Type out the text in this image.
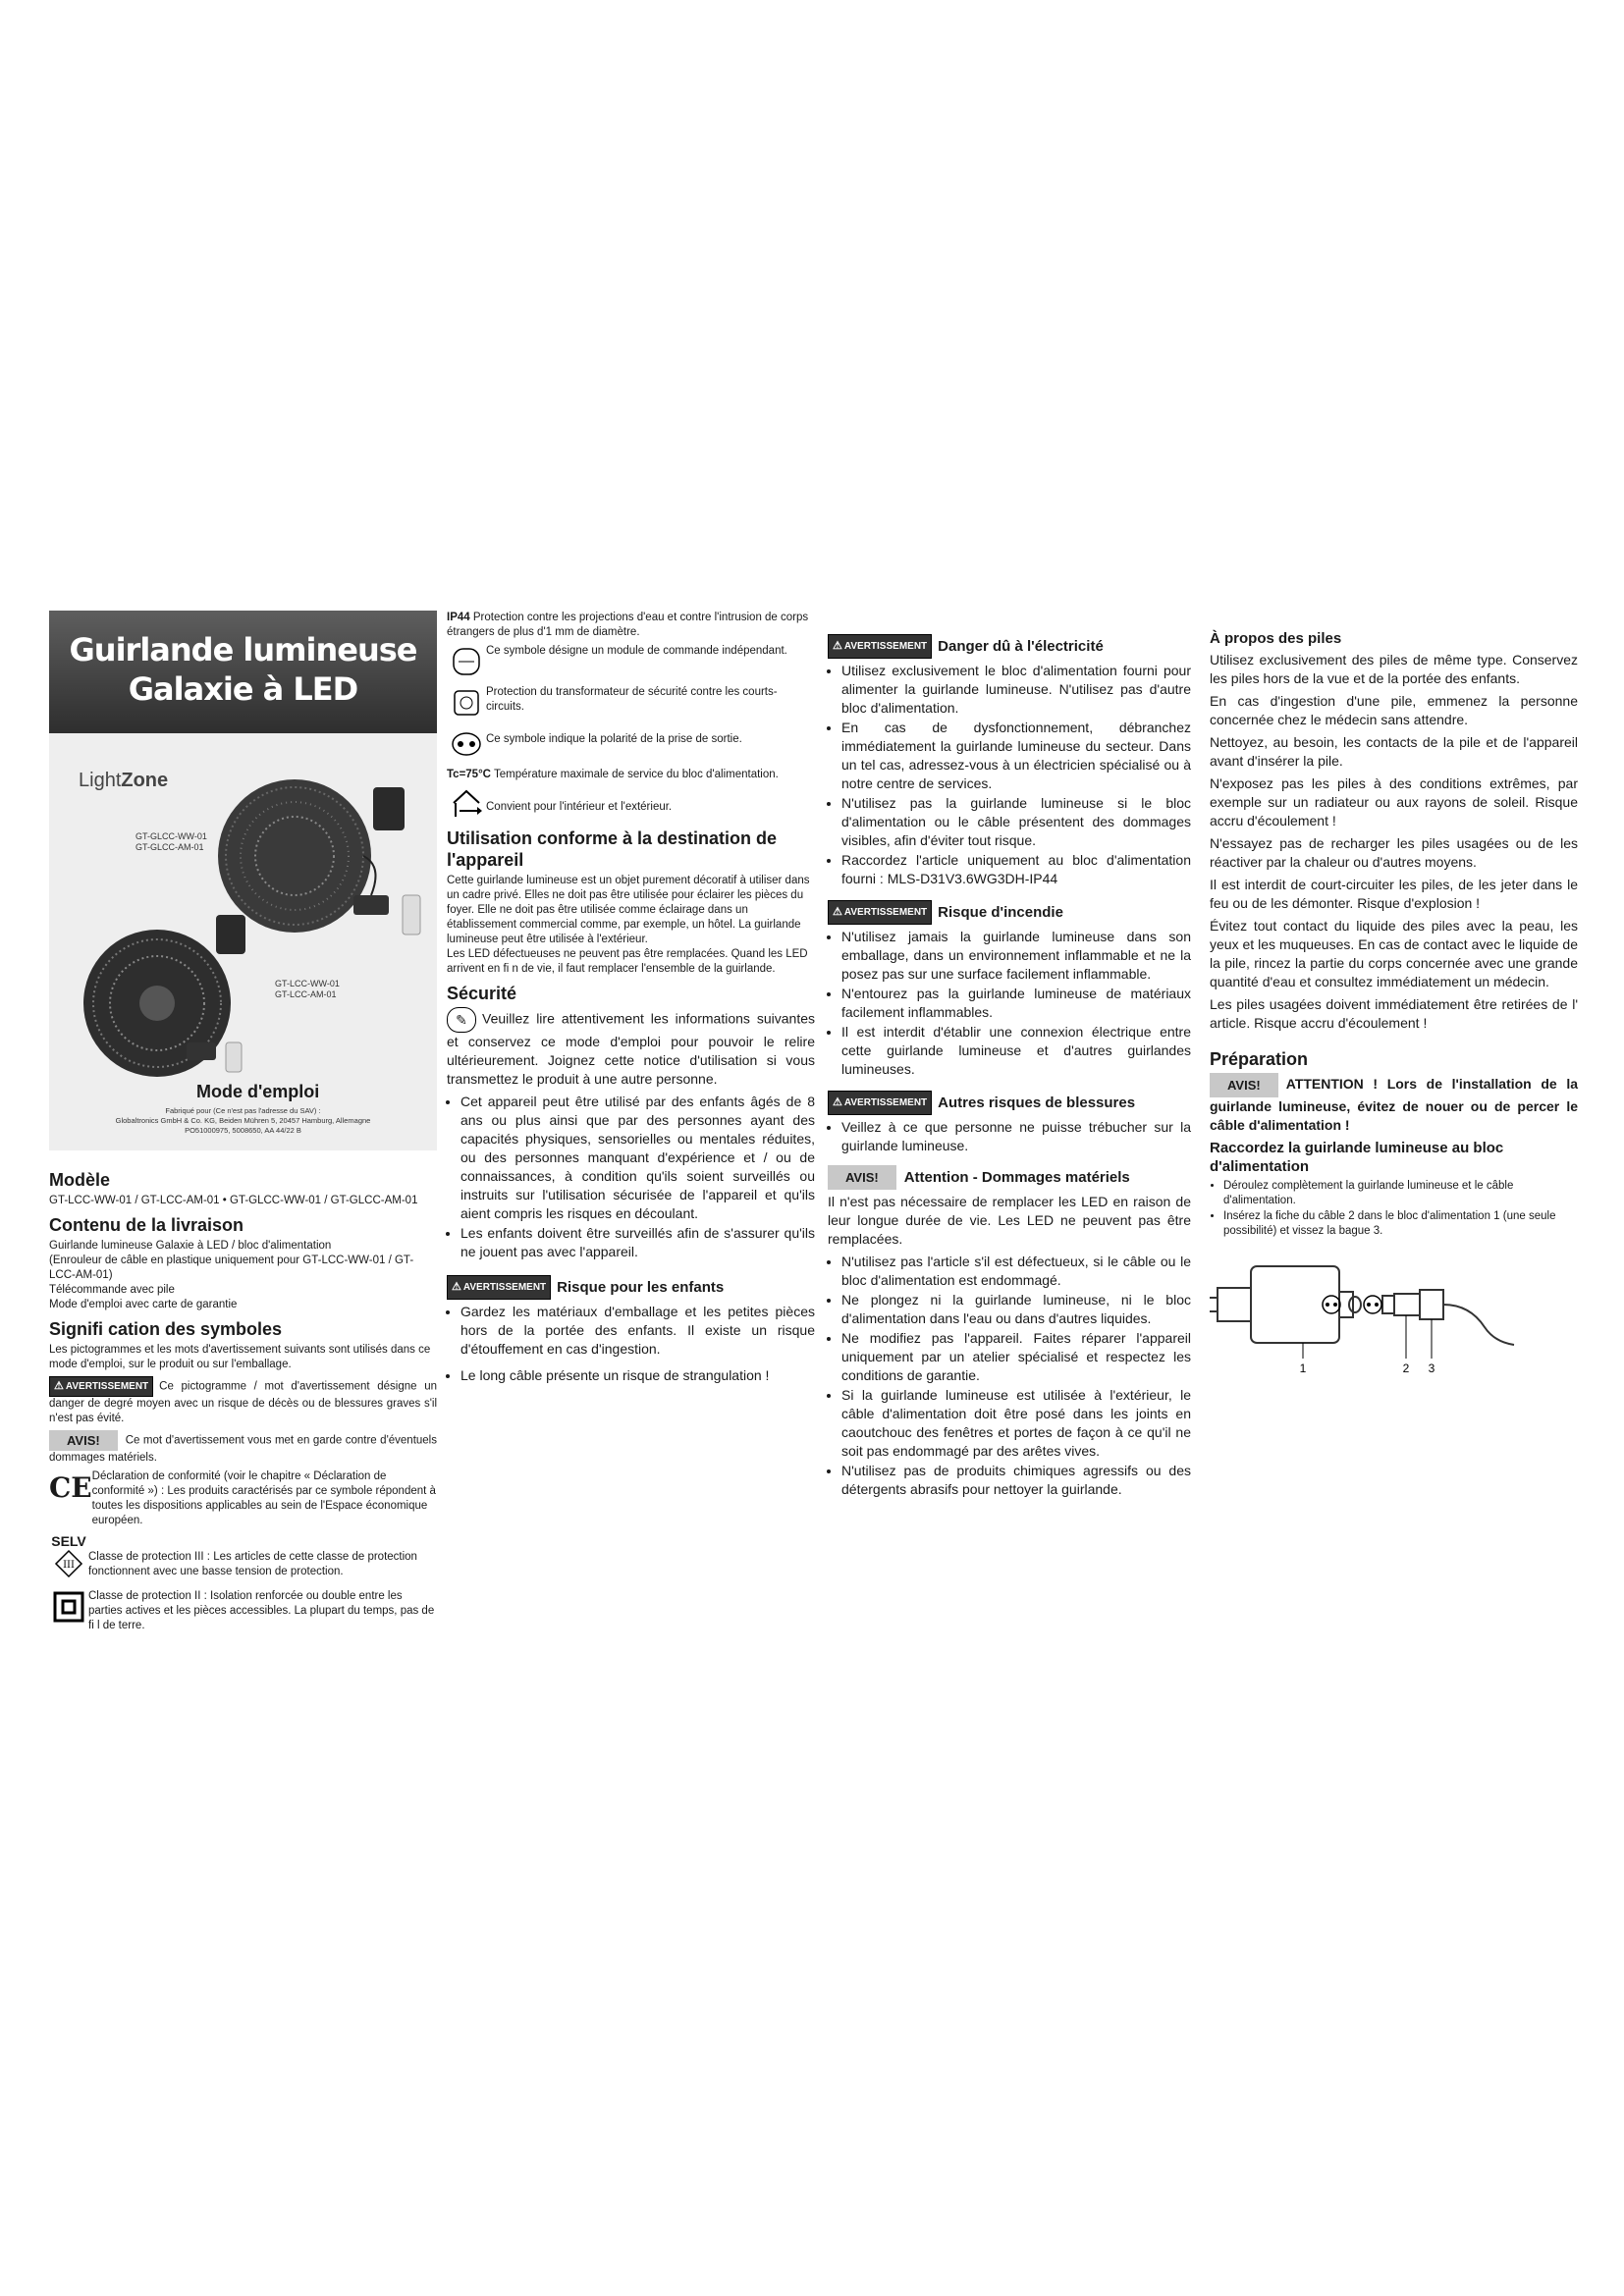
Guirlande lumineuse
Galaxie à LED
LightZone
GT-GLCC-WW-01
GT-GLCC-AM-01
GT-LCC-WW-01
GT-LCC-AM-01
Mode d'emploi
Fabriqué pour (Ce n'est pas l'adresse du SAV) :
Globaltronics GmbH & Co. KG, Beiden Mühren 5, 20457 Hamburg, Allemagne
PO51000975, 5008650, AA 44/22 B
Modèle

GT-LCC-WW-01 / GT-LCC-AM-01 • GT-GLCC-WW-01 / GT-GLCC-AM-01

Contenu de la livraison

Guirlande lumineuse Galaxie à LED / bloc d'alimentation

(Enrouleur de câble en plastique uniquement pour GT-LCC-WW-01 / GT-LCC-AM-01)

Télécommande avec pile

Mode d'emploi avec carte de garantie

Signifi cation des symboles

Les pictogrammes et les mots d'avertissement suivants sont utilisés dans ce mode d'emploi, sur le produit ou sur l'emballage.

⚠ AVERTISSEMENT Ce pictogramme / mot d'avertissement désigne un danger de degré moyen avec un risque de décès ou de blessures graves s'il n'est pas évité.

AVIS! Ce mot d'avertissement vous met en garde contre d'éventuels dommages matériels.

CE Déclaration de conformité (voir le chapitre « Déclaration de conformité ») : Les produits caractérisés par ce symbole répondent à toutes les dispositions applicables au sein de l'Espace économique européen.
SELV
III
Classe de protection III : Les articles de cette classe de protection fonctionnent avec une basse tension de protection.
Classe de protection II : Isolation renforcée ou double entre les parties actives et les pièces accessibles. La plupart du temps, pas de fi l de terre.

IP44 Protection contre les projections d'eau et contre l'intrusion de corps étrangers de plus d'1 mm de diamètre.

Ce symbole désigne un module de commande indépendant.
Protection du transformateur de sécurité contre les courts-circuits.
Ce symbole indique la polarité de la prise de sortie.

Tc=75°C Température maximale de service du bloc d'alimentation.

Convient pour l'intérieur et l'extérieur.
Utilisation conforme à la destination de l'appareil

Cette guirlande lumineuse est un objet purement décoratif à utiliser dans un cadre privé. Elles ne doit pas être utilisée pour éclairer les pièces du foyer. Elle ne doit pas être utilisée comme éclairage dans un établissement commercial comme, par exemple, un hôtel. La guirlande lumineuse peut être utilisée à l'extérieur.

Les LED défectueuses ne peuvent pas être remplacées. Quand les LED arrivent en fi n de vie, il faut remplacer l'ensemble de la guirlande.

Sécurité

✎ Veuillez lire attentivement les informations suivantes et conservez ce mode d'emploi pour pouvoir le relire ultérieurement. Joignez cette notice d'utilisation si vous transmettez le produit à une autre personne.

• Cet appareil peut être utilisé par des enfants âgés de 8 ans ou plus ainsi que par des personnes ayant des capacités physiques, sensorielles ou mentales réduites, ou des personnes manquant d'expérience et / ou de connaissances, à condition qu'ils soient surveillés ou instruits sur l'utilisation sécurisée de l'appareil et qu'ils aient compris les risques en découlant.
• Les enfants doivent être surveillés afin de s'assurer qu'ils ne jouent pas avec l'appareil.
⚠ AVERTISSEMENT Risque pour les enfants
• Gardez les matériaux d'emballage et les petites pièces hors de la portée des enfants. Il existe un risque d'étouffement en cas d'ingestion.
• Le long câble présente un risque de strangulation !
⚠ AVERTISSEMENT Danger dû à l'électricité
• Utilisez exclusivement le bloc d'alimentation fourni pour alimenter la guirlande lumineuse. N'utilisez pas d'autre bloc d'alimentation.
• En cas de dysfonctionnement, débranchez immédiatement la guirlande lumineuse du secteur. Dans un tel cas, adressez-vous à un électricien spécialisé ou à notre centre de services.
• N'utilisez pas la guirlande lumineuse si le bloc d'alimentation ou le câble présentent des dommages visibles, afin d'éviter tout risque.
• Raccordez l'article uniquement au bloc d'alimentation fourni : MLS-D31V3.6WG3DH-IP44
⚠ AVERTISSEMENT Risque d'incendie
• N'utilisez jamais la guirlande lumineuse dans son emballage, dans un environnement inflammable et ne la posez pas sur une surface facilement inflammable.
• N'entourez pas la guirlande lumineuse de matériaux facilement inflammables.
• Il est interdit d'établir une connexion électrique entre cette guirlande lumineuse et d'autres guirlandes lumineuses.
⚠ AVERTISSEMENT Autres risques de blessures
• Veillez à ce que personne ne puisse trébucher sur la guirlande lumineuse.
AVIS!	Attention - Dommages matériels

Il n'est pas nécessaire de remplacer les LED en raison de leur longue durée de vie. Les LED ne peuvent pas être remplacées.

• N'utilisez pas l'article s'il est défectueux, si le câble ou le bloc d'alimentation est endommagé.
• Ne plongez ni la guirlande lumineuse, ni le bloc d'alimentation dans l'eau ou dans d'autres liquides.
• Ne modifiez pas l'appareil. Faites réparer l'appareil uniquement par un atelier spécialisé et respectez les conditions de garantie.
• Si la guirlande lumineuse est utilisée à l'extérieur, le câble d'alimentation doit être posé dans les joints en caoutchouc des fenêtres et portes de façon à ce qu'il ne soit pas endommagé par des arêtes vives.
• N'utilisez pas de produits chimiques agressifs ou des détergents abrasifs pour nettoyer la guirlande.
À propos des piles

Utilisez exclusivement des piles de même type. Conservez les piles hors de la vue et de la portée des enfants.

En cas d'ingestion d'une pile, emmenez la personne concernée chez le médecin sans attendre.

Nettoyez, au besoin, les contacts de la pile et de l'appareil avant d'insérer la pile.

N'exposez pas les piles à des conditions extrêmes, par exemple sur un radiateur ou aux rayons de soleil. Risque accru d'écoulement !

N'essayez pas de recharger les piles usagées ou de les réactiver par la chaleur ou d'autres moyens.

Il est interdit de court-circuiter les piles, de les jeter dans le feu ou de les démonter. Risque d'explosion !

Évitez tout contact du liquide des piles avec la peau, les yeux et les muqueuses. En cas de contact avec le liquide de la pile, rincez la partie du corps concernée avec une grande quantité d'eau et consultez immédiatement un médecin.

Les piles usagées doivent immédiatement être retirées de l' article. Risque accru d'écoulement !

Préparation

AVIS! ATTENTION ! Lors de l'installation de la guirlande lumineuse, évitez de nouer ou de percer le câble d'alimentation !

Raccordez la guirlande lumineuse au bloc d'alimentation
• Déroulez complètement la guirlande lumineuse et le câble d'alimentation.
• Insérez la fiche du câble 2 dans le bloc d'alimentation 1 (une seule possibilité) et vissez la bague 3.
1	2 3
